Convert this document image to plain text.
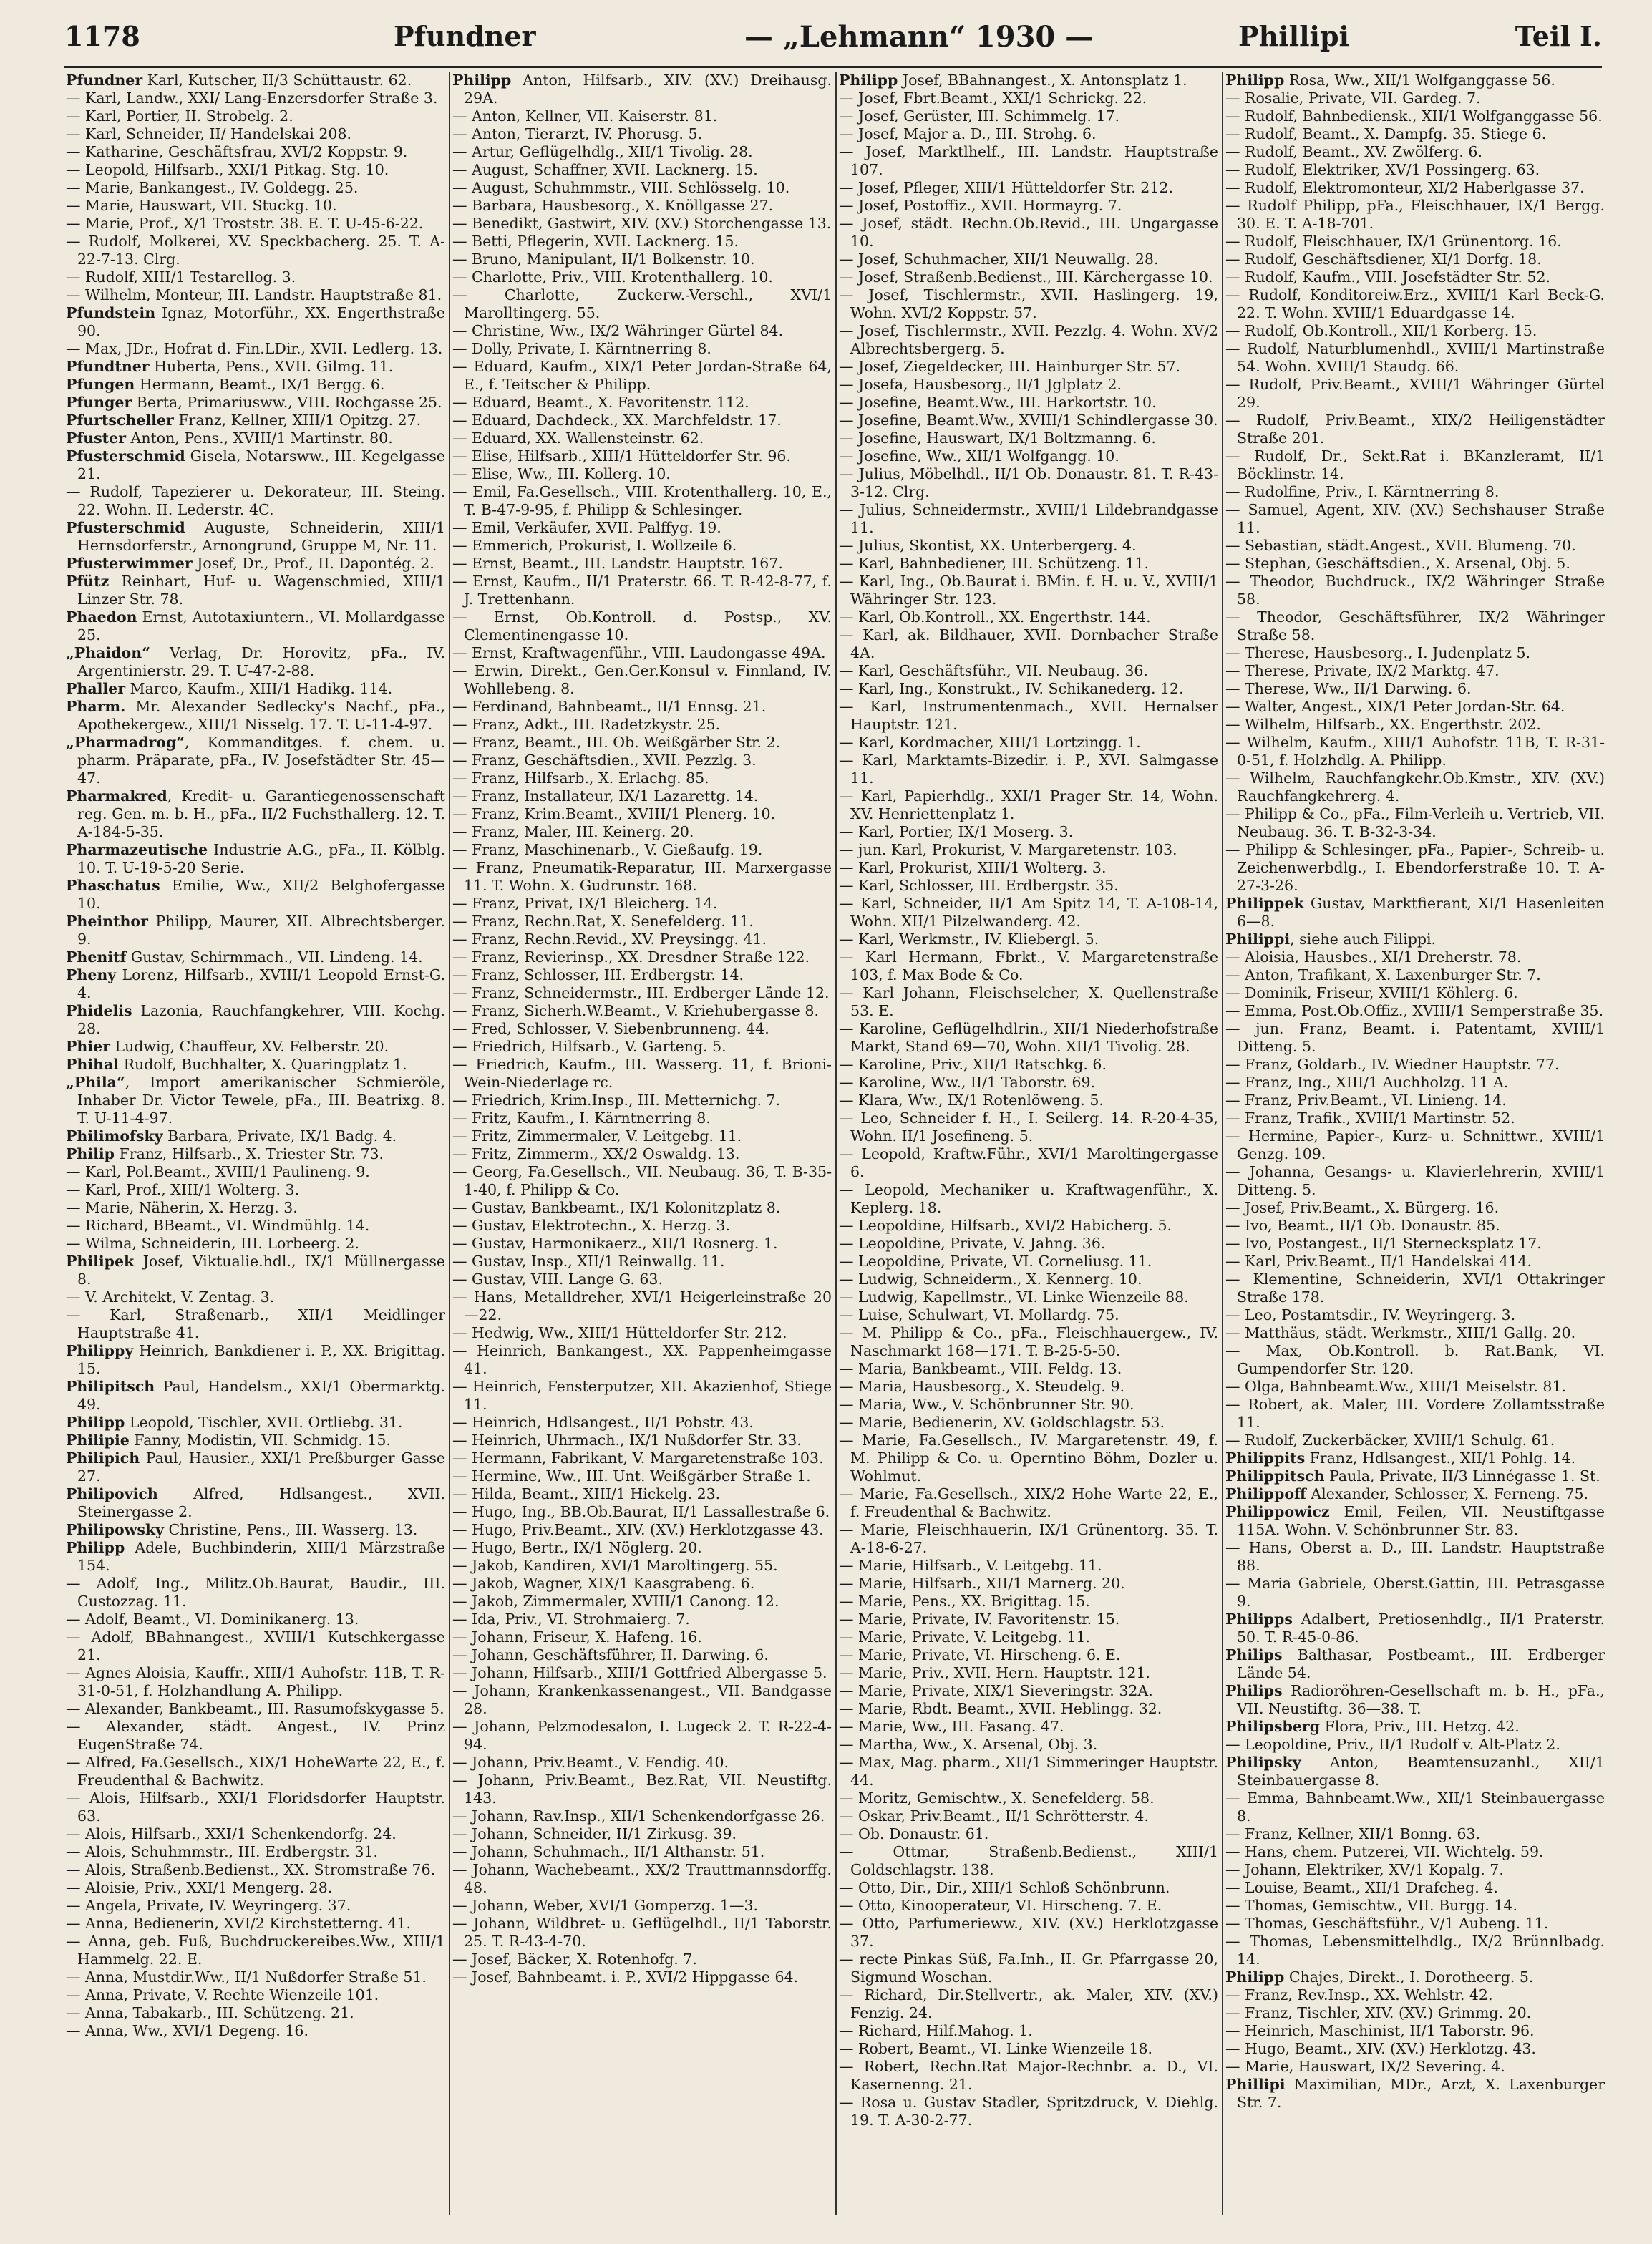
1178	Pfundner	— „Lehmann“ 1930 —	Phillipi	Teil I.

Pfundner Karl, Kutscher, II/3 Schüttaustr. 62.

— Karl, Landw., XXI/ Lang-Enzersdorfer Straße 3.

— Karl, Portier, II. Strobelg. 2.

— Karl, Schneider, II/ Handelskai 208.

— Katharine, Geschäftsfrau, XVI/2 Koppstr. 9.

— Leopold, Hilfsarb., XXI/1 Pitkag. Stg. 10.

— Marie, Bankangest., IV. Goldegg. 25.

— Marie, Hauswart, VII. Stuckg. 10.

— Marie, Prof., X/1 Troststr. 38. E. T. U-45-6-22.

— Rudolf, Molkerei, XV. Speckbacherg. 25. T. A-22-7-13. Clrg.

— Rudolf, XIII/1 Testarellog. 3.

— Wilhelm, Monteur, III. Landstr. Hauptstraße 81.

Pfundstein Ignaz, Motorführ., XX. Engerthstraße 90.

— Max, JDr., Hofrat d. Fin.LDir., XVII. Ledlerg. 13.

Pfundtner Huberta, Pens., XVII. Gilmg. 11.

Pfungen Hermann, Beamt., IX/1 Bergg. 6.

Pfunger Berta, Primariusww., VIII. Rochgasse 25.

Pfurtscheller Franz, Kellner, XIII/1 Opitzg. 27.

Pfuster Anton, Pens., XVIII/1 Martinstr. 80.

Pfusterschmid Gisela, Notarsww., III. Kegelgasse 21.

— Rudolf, Tapezierer u. Dekorateur, III. Steing. 22. Wohn. II. Lederstr. 4C.

Pfusterschmid Auguste, Schneiderin, XIII/1 Hernsdorferstr., Arnongrund, Gruppe M, Nr. 11.

Pfusterwimmer Josef, Dr., Prof., II. Dapontég. 2.

Pfütz Reinhart, Huf- u. Wagenschmied, XIII/1 Linzer Str. 78.

Phaedon Ernst, Autotaxiuntern., VI. Mollardgasse 25.

„Phaidon“ Verlag, Dr. Horovitz, pFa., IV. Argentinierstr. 29. T. U-47-2-88.

Phaller Marco, Kaufm., XIII/1 Hadikg. 114.

Pharm. Mr. Alexander Sedlecky's Nachf., pFa., Apothekergew., XIII/1 Nisselg. 17. T. U-11-4-97.

„Pharmadrog“, Kommanditges. f. chem. u. pharm. Präparate, pFa., IV. Josefstädter Str. 45—47.

Pharmakred, Kredit- u. Garantiegenossenschaft reg. Gen. m. b. H., pFa., II/2 Fuchsthallerg. 12. T. A-184-5-35.

Pharmazeutische Industrie A.G., pFa., II. Kölblg. 10. T. U-19-5-20 Serie.

Phaschatus Emilie, Ww., XII/2 Belghofergasse 10.

Pheinthor Philipp, Maurer, XII. Albrechtsberger. 9.

Phenitf Gustav, Schirmmach., VII. Lindeng. 14.

Pheny Lorenz, Hilfsarb., XVIII/1 Leopold Ernst-G. 4.

Phidelis Lazonia, Rauchfangkehrer, VIII. Kochg. 28.

Phier Ludwig, Chauffeur, XV. Felberstr. 20.

Phihal Rudolf, Buchhalter, X. Quaringplatz 1.

„Phila“, Import amerikanischer Schmieröle, Inhaber Dr. Victor Tewele, pFa., III. Beatrixg. 8. T. U-11-4-97.

Philimofsky Barbara, Private, IX/1 Badg. 4.

Philip Franz, Hilfsarb., X. Triester Str. 73.

— Karl, Pol.Beamt., XVIII/1 Paulineng. 9.

— Karl, Prof., XIII/1 Wolterg. 3.

— Marie, Näherin, X. Herzg. 3.

— Richard, BBeamt., VI. Windmühlg. 14.

— Wilma, Schneiderin, III. Lorbeerg. 2.

Philipek Josef, Viktualie.hdl., IX/1 Müllnergasse 8.

— V. Architekt, V. Zentag. 3.

— Karl, Straßenarb., XII/1 Meidlinger Hauptstraße 41.

Philippy Heinrich, Bankdiener i. P., XX. Brigittag. 15.

Philipitsch Paul, Handelsm., XXI/1 Obermarktg. 49.

Philipp Leopold, Tischler, XVII. Ortliebg. 31.

Philipie Fanny, Modistin, VII. Schmidg. 15.

Philipich Paul, Hausier., XXI/1 Preßburger Gasse 27.

Philipovich Alfred, Hdlsangest., XVII. Steinergasse 2.

Philipowsky Christine, Pens., III. Wasserg. 13.

Philipp Adele, Buchbinderin, XIII/1 Märzstraße 154.

— Adolf, Ing., Militz.Ob.Baurat, Baudir., III. Custozzag. 11.

— Adolf, Beamt., VI. Dominikanerg. 13.

— Adolf, BBahnangest., XVIII/1 Kutschkergasse 21.

— Agnes Aloisia, Kauffr., XIII/1 Auhofstr. 11B, T. R-31-0-51, f. Holzhandlung A. Philipp.

— Alexander, Bankbeamt., III. Rasumofskygasse 5.

— Alexander, städt. Angest., IV. Prinz EugenStraße 74.

— Alfred, Fa.Gesellsch., XIX/1 HoheWarte 22, E., f. Freudenthal & Bachwitz.

— Alois, Hilfsarb., XXI/1 Floridsdorfer Hauptstr. 63.

— Alois, Hilfsarb., XXI/1 Schenkendorfg. 24.

— Alois, Schuhmmstr., III. Erdbergstr. 31.

— Alois, Straßenb.Bedienst., XX. Stromstraße 76.

— Aloisie, Priv., XXI/1 Mengerg. 28.

— Angela, Private, IV. Weyringerg. 37.

— Anna, Bedienerin, XVI/2 Kirchstetterng. 41.

— Anna, geb. Fuß, Buchdruckereibes.Ww., XIII/1 Hammelg. 22. E.

— Anna, Mustdir.Ww., II/1 Nußdorfer Straße 51.

— Anna, Private, V. Rechte Wienzeile 101.

— Anna, Tabakarb., III. Schützeng. 21.

— Anna, Ww., XVI/1 Degeng. 16.

Philipp Anton, Hilfsarb., XIV. (XV.) Dreihausg. 29A.

— Anton, Kellner, VII. Kaiserstr. 81.

— Anton, Tierarzt, IV. Phorusg. 5.

— Artur, Geflügelhdlg., XII/1 Tivolig. 28.

— August, Schaffner, XVII. Lacknerg. 15.

— August, Schuhmmstr., VIII. Schlösselg. 10.

— Barbara, Hausbesorg., X. Knöllgasse 27.

— Benedikt, Gastwirt, XIV. (XV.) Storchengasse 13.

— Betti, Pflegerin, XVII. Lacknerg. 15.

— Bruno, Manipulant, II/1 Bolkenstr. 10.

— Charlotte, Priv., VIII. Krotenthallerg. 10.

— Charlotte, Zuckerw.-Verschl., XVI/1 Marolltingerg. 55.

— Christine, Ww., IX/2 Währinger Gürtel 84.

— Dolly, Private, I. Kärntnerring 8.

— Eduard, Kaufm., XIX/1 Peter Jordan-Straße 64, E., f. Teitscher & Philipp.

— Eduard, Beamt., X. Favoritenstr. 112.

— Eduard, Dachdeck., XX. Marchfeldstr. 17.

— Eduard, XX. Wallensteinstr. 62.

— Elise, Hilfsarb., XIII/1 Hütteldorfer Str. 96.

— Elise, Ww., III. Kollerg. 10.

— Emil, Fa.Gesellsch., VIII. Krotenthallerg. 10, E., T. B-47-9-95, f. Philipp & Schlesinger.

— Emil, Verkäufer, XVII. Palffyg. 19.

— Emmerich, Prokurist, I. Wollzeile 6.

— Ernst, Beamt., III. Landstr. Hauptstr. 167.

— Ernst, Kaufm., II/1 Praterstr. 66. T. R-42-8-77, f. J. Trettenhann.

— Ernst, Ob.Kontroll. d. Postsp., XV. Clementinengasse 10.

— Ernst, Kraftwagenführ., VIII. Laudongasse 49A.

— Erwin, Direkt., Gen.Ger.Konsul v. Finnland, IV. Wohllebeng. 8.

— Ferdinand, Bahnbeamt., II/1 Ennsg. 21.

— Franz, Adkt., III. Radetzkystr. 25.

— Franz, Beamt., III. Ob. Weißgärber Str. 2.

— Franz, Geschäftsdien., XVII. Pezzlg. 3.

— Franz, Hilfsarb., X. Erlachg. 85.

— Franz, Installateur, IX/1 Lazarettg. 14.

— Franz, Krim.Beamt., XVIII/1 Plenerg. 10.

— Franz, Maler, III. Keinerg. 20.

— Franz, Maschinenarb., V. Gießaufg. 19.

— Franz, Pneumatik-Reparatur, III. Marxergasse 11. T. Wohn. X. Gudrunstr. 168.

— Franz, Privat, IX/1 Bleicherg. 14.

— Franz, Rechn.Rat, X. Senefelderg. 11.

— Franz, Rechn.Revid., XV. Preysingg. 41.

— Franz, Revierinsp., XX. Dresdner Straße 122.

— Franz, Schlosser, III. Erdbergstr. 14.

— Franz, Schneidermstr., III. Erdberger Lände 12.

— Franz, Sicherh.W.Beamt., V. Kriehubergasse 8.

— Fred, Schlosser, V. Siebenbrunneng. 44.

— Friedrich, Hilfsarb., V. Garteng. 5.

— Friedrich, Kaufm., III. Wasserg. 11, f. Brioni-Wein-Niederlage rc.

— Friedrich, Krim.Insp., III. Metternichg. 7.

— Fritz, Kaufm., I. Kärntnerring 8.

— Fritz, Zimmermaler, V. Leitgebg. 11.

— Fritz, Zimmerm., XX/2 Oswaldg. 13.

— Georg, Fa.Gesellsch., VII. Neubaug. 36, T. B-35-1-40, f. Philipp & Co.

— Gustav, Bankbeamt., IX/1 Kolonitzplatz 8.

— Gustav, Elektrotechn., X. Herzg. 3.

— Gustav, Harmonikaerz., XII/1 Rosnerg. 1.

— Gustav, Insp., XII/1 Reinwallg. 11.

— Gustav, VIII. Lange G. 63.

— Hans, Metalldreher, XVI/1 Heigerleinstraße 20—22.

— Hedwig, Ww., XIII/1 Hütteldorfer Str. 212.

— Heinrich, Bankangest., XX. Pappenheimgasse 41.

— Heinrich, Fensterputzer, XII. Akazienhof, Stiege 11.

— Heinrich, Hdlsangest., II/1 Pobstr. 43.

— Heinrich, Uhrmach., IX/1 Nußdorfer Str. 33.

— Hermann, Fabrikant, V. Margaretenstraße 103.

— Hermine, Ww., III. Unt. Weißgärber Straße 1.

— Hilda, Beamt., XIII/1 Hickelg. 23.

— Hugo, Ing., BB.Ob.Baurat, II/1 Lassallestraße 6.

— Hugo, Priv.Beamt., XIV. (XV.) Herklotzgasse 43.

— Hugo, Bertr., IX/1 Nöglerg. 20.

— Jakob, Kandiren, XVI/1 Maroltingerg. 55.

— Jakob, Wagner, XIX/1 Kaasgrabeng. 6.

— Jakob, Zimmermaler, XVIII/1 Canong. 12.

— Ida, Priv., VI. Strohmaierg. 7.

— Johann, Friseur, X. Hafeng. 16.

— Johann, Geschäftsführer, II. Darwing. 6.

— Johann, Hilfsarb., XIII/1 Gottfried Albergasse 5.

— Johann, Krankenkassenangest., VII. Bandgasse 28.

— Johann, Pelzmodesalon, I. Lugeck 2. T. R-22-4-94.

— Johann, Priv.Beamt., V. Fendig. 40.

— Johann, Priv.Beamt., Bez.Rat, VII. Neustiftg. 143.

— Johann, Rav.Insp., XII/1 Schenkendorfgasse 26.

— Johann, Schneider, II/1 Zirkusg. 39.

— Johann, Schuhmach., II/1 Althanstr. 51.

— Johann, Wachebeamt., XX/2 Trauttmannsdorffg. 48.

— Johann, Weber, XVI/1 Gomperzg. 1—3.

— Johann, Wildbret- u. Geflügelhdl., II/1 Taborstr. 25. T. R-43-4-70.

— Josef, Bäcker, X. Rotenhofg. 7.

— Josef, Bahnbeamt. i. P., XVI/2 Hippgasse 64.

Philipp Josef, BBahnangest., X. Antonsplatz 1.

— Josef, Fbrt.Beamt., XXI/1 Schrickg. 22.

— Josef, Gerüster, III. Schimmelg. 17.

— Josef, Major a. D., III. Strohg. 6.

— Josef, Marktlhelf., III. Landstr. Hauptstraße 107.

— Josef, Pfleger, XIII/1 Hütteldorfer Str. 212.

— Josef, Postoffiz., XVII. Hormayrg. 7.

— Josef, städt. Rechn.Ob.Revid., III. Ungargasse 10.

— Josef, Schuhmacher, XII/1 Neuwallg. 28.

— Josef, Straßenb.Bedienst., III. Kärchergasse 10.

— Josef, Tischlermstr., XVII. Haslingerg. 19, Wohn. XVI/2 Koppstr. 57.

— Josef, Tischlermstr., XVII. Pezzlg. 4. Wohn. XV/2 Albrechtsbergerg. 5.

— Josef, Ziegeldecker, III. Hainburger Str. 57.

— Josefa, Hausbesorg., II/1 Jglplatz 2.

— Josefine, Beamt.Ww., III. Harkortstr. 10.

— Josefine, Beamt.Ww., XVIII/1 Schindlergasse 30.

— Josefine, Hauswart, IX/1 Boltzmanng. 6.

— Josefine, Ww., XII/1 Wolfgangg. 10.

— Julius, Möbelhdl., II/1 Ob. Donaustr. 81. T. R-43-3-12. Clrg.

— Julius, Schneidermstr., XVIII/1 Lildebrandgasse 11.

— Julius, Skontist, XX. Unterbergerg. 4.

— Karl, Bahnbediener, III. Schützeng. 11.

— Karl, Ing., Ob.Baurat i. BMin. f. H. u. V., XVIII/1 Währinger Str. 123.

— Karl, Ob.Kontroll., XX. Engerthstr. 144.

— Karl, ak. Bildhauer, XVII. Dornbacher Straße 4A.

— Karl, Geschäftsführ., VII. Neubaug. 36.

— Karl, Ing., Konstrukt., IV. Schikanederg. 12.

— Karl, Instrumentenmach., XVII. Hernalser Hauptstr. 121.

— Karl, Kordmacher, XIII/1 Lortzingg. 1.

— Karl, Marktamts-Bizedir. i. P., XVI. Salmgasse 11.

— Karl, Papierhdlg., XXI/1 Prager Str. 14, Wohn. XV. Henriettenplatz 1.

— Karl, Portier, IX/1 Moserg. 3.

— jun. Karl, Prokurist, V. Margaretenstr. 103.

— Karl, Prokurist, XIII/1 Wolterg. 3.

— Karl, Schlosser, III. Erdbergstr. 35.

— Karl, Schneider, II/1 Am Spitz 14, T. A-108-14, Wohn. XII/1 Pilzelwanderg. 42.

— Karl, Werkmstr., IV. Kliebergl. 5.

— Karl Hermann, Fbrkt., V. Margaretenstraße 103, f. Max Bode & Co.

— Karl Johann, Fleischselcher, X. Quellenstraße 53. E.

— Karoline, Geflügelhdlrin., XII/1 Niederhofstraße Markt, Stand 69—70, Wohn. XII/1 Tivolig. 28.

— Karoline, Priv., XII/1 Ratschkg. 6.

— Karoline, Ww., II/1 Taborstr. 69.

— Klara, Ww., IX/1 Rotenlöweng. 5.

— Leo, Schneider f. H., I. Seilerg. 14. R-20-4-35, Wohn. II/1 Josefineng. 5.

— Leopold, Kraftw.Führ., XVI/1 Maroltingergasse 6.

— Leopold, Mechaniker u. Kraftwagenführ., X. Keplerg. 18.

— Leopoldine, Hilfsarb., XVI/2 Habicherg. 5.

— Leopoldine, Private, V. Jahng. 36.

— Leopoldine, Private, VI. Corneliusg. 11.

— Ludwig, Schneiderm., X. Kennerg. 10.

— Ludwig, Kapellmstr., VI. Linke Wienzeile 88.

— Luise, Schulwart, VI. Mollardg. 75.

— M. Philipp & Co., pFa., Fleischhauergew., IV. Naschmarkt 168—171. T. B-25-5-50.

— Maria, Bankbeamt., VIII. Feldg. 13.

— Maria, Hausbesorg., X. Steudelg. 9.

— Maria, Ww., V. Schönbrunner Str. 90.

— Marie, Bedienerin, XV. Goldschlagstr. 53.

— Marie, Fa.Gesellsch., IV. Margaretenstr. 49, f. M. Philipp & Co. u. Operntino Böhm, Dozler u. Wohlmut.

— Marie, Fa.Gesellsch., XIX/2 Hohe Warte 22, E., f. Freudenthal & Bachwitz.

— Marie, Fleischhauerin, IX/1 Grünentorg. 35. T. A-18-6-27.

— Marie, Hilfsarb., V. Leitgebg. 11.

— Marie, Hilfsarb., XII/1 Marnerg. 20.

— Marie, Pens., XX. Brigittag. 15.

— Marie, Private, IV. Favoritenstr. 15.

— Marie, Private, V. Leitgebg. 11.

— Marie, Private, VI. Hirscheng. 6. E.

— Marie, Priv., XVII. Hern. Hauptstr. 121.

— Marie, Private, XIX/1 Sieveringstr. 32A.

— Marie, Rbdt. Beamt., XVII. Heblingg. 32.

— Marie, Ww., III. Fasang. 47.

— Martha, Ww., X. Arsenal, Obj. 3.

— Max, Mag. pharm., XII/1 Simmeringer Hauptstr. 44.

— Moritz, Gemischtw., X. Senefelderg. 58.

— Oskar, Priv.Beamt., II/1 Schrötterstr. 4.

— Ob. Donaustr. 61.

— Ottmar, Straßenb.Bedienst., XIII/1 Goldschlagstr. 138.

— Otto, Dir., Dir., XIII/1 Schloß Schönbrunn.

— Otto, Kinooperateur, VI. Hirscheng. 7. E.

— Otto, Parfumerieww., XIV. (XV.) Herklotzgasse 37.

— recte Pinkas Süß, Fa.Inh., II. Gr. Pfarrgasse 20, Sigmund Woschan.

— Richard, Dir.Stellvertr., ak. Maler, XIV. (XV.) Fenzig. 24.

— Richard, Hilf.Mahog. 1.

— Robert, Beamt., VI. Linke Wienzeile 18.

— Robert, Rechn.Rat Major-Rechnbr. a. D., VI. Kasernenng. 21.

— Rosa u. Gustav Stadler, Spritzdruck, V. Diehlg. 19. T. A-30-2-77.

Philipp Rosa, Ww., XII/1 Wolfganggasse 56.

— Rosalie, Private, VII. Gardeg. 7.

— Rudolf, Bahnbediensk., XII/1 Wolfganggasse 56.

— Rudolf, Beamt., X. Dampfg. 35. Stiege 6.

— Rudolf, Beamt., XV. Zwölferg. 6.

— Rudolf, Elektriker, XV/1 Possingerg. 63.

— Rudolf, Elektromonteur, XI/2 Haberlgasse 37.

— Rudolf Philipp, pFa., Fleischhauer, IX/1 Bergg. 30. E. T. A-18-701.

— Rudolf, Fleischhauer, IX/1 Grünentorg. 16.

— Rudolf, Geschäftsdiener, XI/1 Dorfg. 18.

— Rudolf, Kaufm., VIII. Josefstädter Str. 52.

— Rudolf, Konditoreiw.Erz., XVIII/1 Karl Beck-G. 22. T. Wohn. XVIII/1 Eduardgasse 14.

— Rudolf, Ob.Kontroll., XII/1 Korberg. 15.

— Rudolf, Naturblumenhdl., XVIII/1 Martinstraße 54. Wohn. XVIII/1 Staudg. 66.

— Rudolf, Priv.Beamt., XVIII/1 Währinger Gürtel 29.

— Rudolf, Priv.Beamt., XIX/2 Heiligenstädter Straße 201.

— Rudolf, Dr., Sekt.Rat i. BKanzleramt, II/1 Böcklinstr. 14.

— Rudolfine, Priv., I. Kärntnerring 8.

— Samuel, Agent, XIV. (XV.) Sechshauser Straße 11.

— Sebastian, städt.Angest., XVII. Blumeng. 70.

— Stephan, Geschäftsdien., X. Arsenal, Obj. 5.

— Theodor, Buchdruck., IX/2 Währinger Straße 58.

— Theodor, Geschäftsführer, IX/2 Währinger Straße 58.

— Therese, Hausbesorg., I. Judenplatz 5.

— Therese, Private, IX/2 Marktg. 47.

— Therese, Ww., II/1 Darwing. 6.

— Walter, Angest., XIX/1 Peter Jordan-Str. 64.

— Wilhelm, Hilfsarb., XX. Engerthstr. 202.

— Wilhelm, Kaufm., XIII/1 Auhofstr. 11B, T. R-31-0-51, f. Holzhdlg. A. Philipp.

— Wilhelm, Rauchfangkehr.Ob.Kmstr., XIV. (XV.) Rauchfangkehrerg. 4.

— Philipp & Co., pFa., Film-Verleih u. Vertrieb, VII. Neubaug. 36. T. B-32-3-34.

— Philipp & Schlesinger, pFa., Papier-, Schreib- u. Zeichenwerbdlg., I. Ebendorferstraße 10. T. A-27-3-26.

Philippek Gustav, Marktfierant, XI/1 Hasenleiten 6—8.

Philippi, siehe auch Filippi.

— Aloisia, Hausbes., XI/1 Dreherstr. 78.

— Anton, Trafikant, X. Laxenburger Str. 7.

— Dominik, Friseur, XVIII/1 Köhlerg. 6.

— Emma, Post.Ob.Offiz., XVIII/1 Semperstraße 35.

— jun. Franz, Beamt. i. Patentamt, XVIII/1 Ditteng. 5.

— Franz, Goldarb., IV. Wiedner Hauptstr. 77.

— Franz, Ing., XIII/1 Auchholzg. 11 A.

— Franz, Priv.Beamt., VI. Linieng. 14.

— Franz, Trafik., XVIII/1 Martinstr. 52.

— Hermine, Papier-, Kurz- u. Schnittwr., XVIII/1 Genzg. 109.

— Johanna, Gesangs- u. Klavierlehrerin, XVIII/1 Ditteng. 5.

— Josef, Priv.Beamt., X. Bürgerg. 16.

— Ivo, Beamt., II/1 Ob. Donaustr. 85.

— Ivo, Postangest., II/1 Sternecksplatz 17.

— Karl, Priv.Beamt., II/1 Handelskai 414.

— Klementine, Schneiderin, XVI/1 Ottakringer Straße 178.

— Leo, Postamtsdir., IV. Weyringerg. 3.

— Matthäus, städt. Werkmstr., XIII/1 Gallg. 20.

— Max, Ob.Kontroll. b. Rat.Bank, VI. Gumpendorfer Str. 120.

— Olga, Bahnbeamt.Ww., XIII/1 Meiselstr. 81.

— Robert, ak. Maler, III. Vordere Zollamtsstraße 11.

— Rudolf, Zuckerbäcker, XVIII/1 Schulg. 61.

Philippits Franz, Hdlsangest., XII/1 Pohlg. 14.

Philippitsch Paula, Private, II/3 Linnégasse 1. St.

Philippoff Alexander, Schlosser, X. Ferneng. 75.

Philippowicz Emil, Feilen, VII. Neustiftgasse 115A. Wohn. V. Schönbrunner Str. 83.

— Hans, Oberst a. D., III. Landstr. Hauptstraße 88.

— Maria Gabriele, Oberst.Gattin, III. Petrasgasse 9.

Philipps Adalbert, Pretiosenhdlg., II/1 Praterstr. 50. T. R-45-0-86.

Philips Balthasar, Postbeamt., III. Erdberger Lände 54.

Philips Radioröhren-Gesellschaft m. b. H., pFa., VII. Neustiftg. 36—38. T.

Philipsberg Flora, Priv., III. Hetzg. 42.

— Leopoldine, Priv., II/1 Rudolf v. Alt-Platz 2.

Philipsky Anton, Beamtensuzanhl., XII/1 Steinbauergasse 8.

— Emma, Bahnbeamt.Ww., XII/1 Steinbauergasse 8.

— Franz, Kellner, XII/1 Bonng. 63.

— Hans, chem. Putzerei, VII. Wichtelg. 59.

— Johann, Elektriker, XV/1 Kopalg. 7.

— Louise, Beamt., XII/1 Drafcheg. 4.

— Thomas, Gemischtw., VII. Burgg. 14.

— Thomas, Geschäftsführ., V/1 Aubeng. 11.

— Thomas, Lebensmittelhdlg., IX/2 Brünnlbadg. 14.

Philipp Chajes, Direkt., I. Dorotheerg. 5.

— Franz, Rev.Insp., XX. Wehlstr. 42.

— Franz, Tischler, XIV. (XV.) Grimmg. 20.

— Heinrich, Maschinist, II/1 Taborstr. 96.

— Hugo, Beamt., XIV. (XV.) Herklotzg. 43.

— Marie, Hauswart, IX/2 Severing. 4.

Phillipi Maximilian, MDr., Arzt, X. Laxenburger Str. 7.
